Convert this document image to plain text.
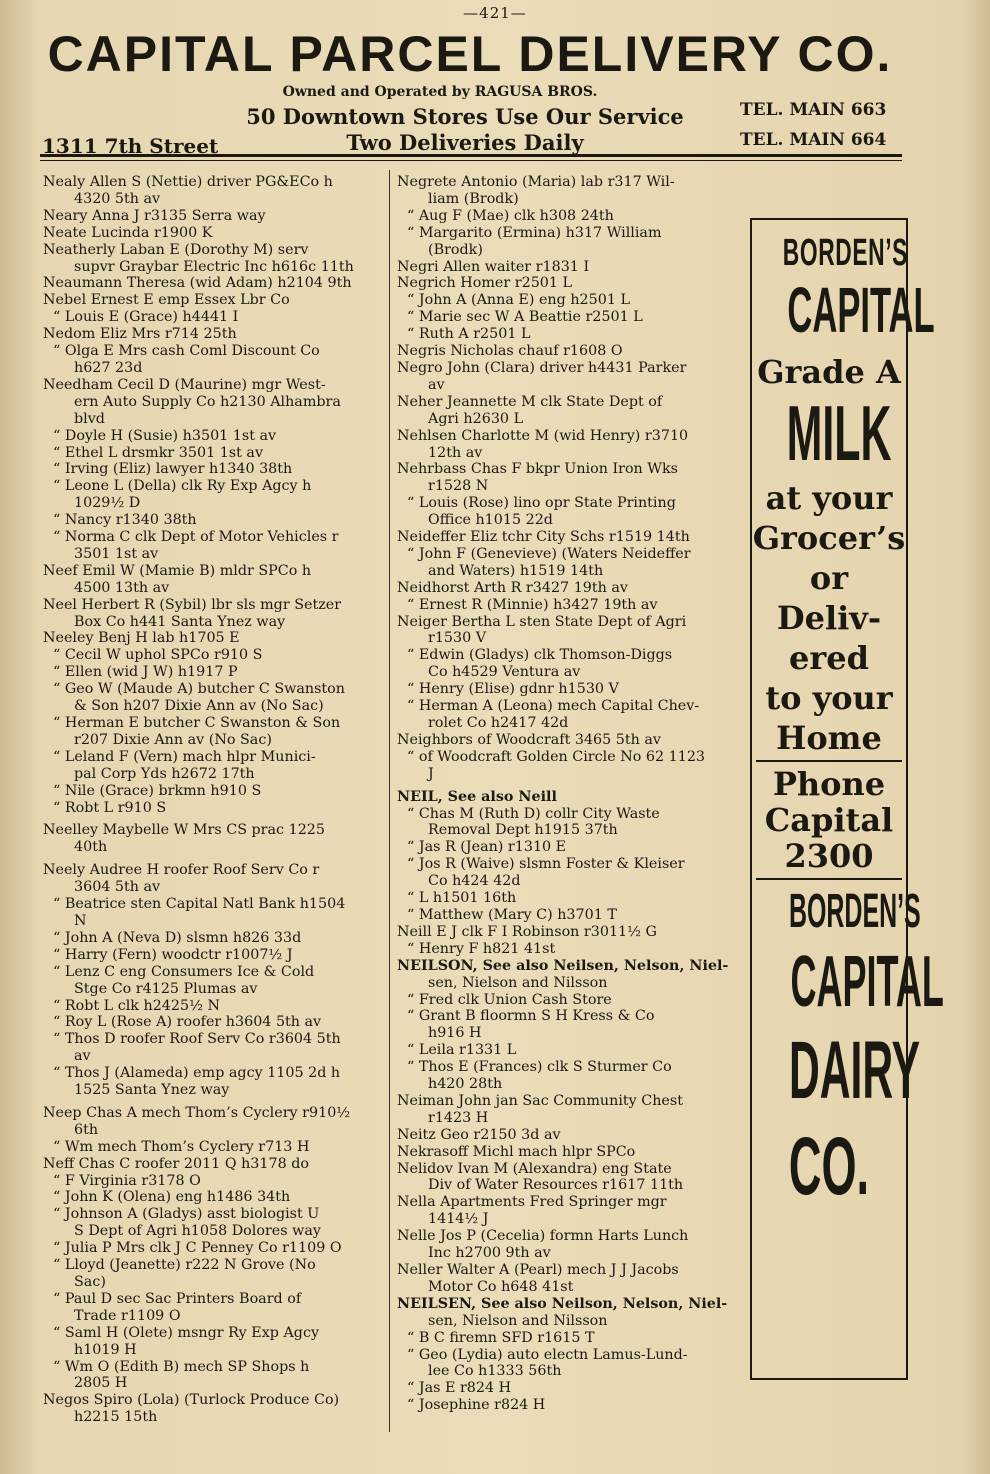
—421—
CAPITAL PARCEL DELIVERY CO.
Owned and Operated by RAGUSA BROS.
50 Downtown Stores Use Our Service
Two Deliveries Daily
TEL. MAIN 663
TEL. MAIN 664
1311 7th Street
Nealy Allen S (Nettie) driver PG&ECo h
4320 5th av
Neary Anna J r3135 Serra way
Neate Lucinda r1900 K
Neatherly Laban E (Dorothy M) serv
supvr Graybar Electric Inc h616c 11th
Neaumann Theresa (wid Adam) h2104 9th
Nebel Ernest E emp Essex Lbr Co
“ Louis E (Grace) h4441 I
Nedom Eliz Mrs r714 25th
“ Olga E Mrs cash Coml Discount Co
h627 23d
Needham Cecil D (Maurine) mgr West-
ern Auto Supply Co h2130 Alhambra
blvd
“ Doyle H (Susie) h3501 1st av
“ Ethel L drsmkr 3501 1st av
“ Irving (Eliz) lawyer h1340 38th
“ Leone L (Della) clk Ry Exp Agcy h
1029½ D
“ Nancy r1340 38th
“ Norma C clk Dept of Motor Vehicles r
3501 1st av
Neef Emil W (Mamie B) mldr SPCo h
4500 13th av
Neel Herbert R (Sybil) lbr sls mgr Setzer
Box Co h441 Santa Ynez way
Neeley Benj H lab h1705 E
“ Cecil W uphol SPCo r910 S
“ Ellen (wid J W) h1917 P
“ Geo W (Maude A) butcher C Swanston
& Son h207 Dixie Ann av (No Sac)
“ Herman E butcher C Swanston & Son
r207 Dixie Ann av (No Sac)
“ Leland F (Vern) mach hlpr Munici-
pal Corp Yds h2672 17th
“ Nile (Grace) brkmn h910 S
“ Robt L r910 S
Neelley Maybelle W Mrs CS prac 1225
40th
Neely Audree H roofer Roof Serv Co r
3604 5th av
“ Beatrice sten Capital Natl Bank h1504
N
“ John A (Neva D) slsmn h826 33d
“ Harry (Fern) woodctr r1007½ J
“ Lenz C eng Consumers Ice & Cold
Stge Co r4125 Plumas av
“ Robt L clk h2425½ N
“ Roy L (Rose A) roofer h3604 5th av
“ Thos D roofer Roof Serv Co r3604 5th
av
“ Thos J (Alameda) emp agcy 1105 2d h
1525 Santa Ynez way
Neep Chas A mech Thom’s Cyclery r910½
6th
“ Wm mech Thom’s Cyclery r713 H
Neff Chas C roofer 2011 Q h3178 do
“ F Virginia r3178 O
“ John K (Olena) eng h1486 34th
“ Johnson A (Gladys) asst biologist U
S Dept of Agri h1058 Dolores way
“ Julia P Mrs clk J C Penney Co r1109 O
“ Lloyd (Jeanette) r222 N Grove (No
Sac)
“ Paul D sec Sac Printers Board of
Trade r1109 O
“ Saml H (Olete) msngr Ry Exp Agcy
h1019 H
“ Wm O (Edith B) mech SP Shops h
2805 H
Negos Spiro (Lola) (Turlock Produce Co)
h2215 15th
Negrete Antonio (Maria) lab r317 Wil-
liam (Brodk)
“ Aug F (Mae) clk h308 24th
“ Margarito (Ermina) h317 William
(Brodk)
Negri Allen waiter r1831 I
Negrich Homer r2501 L
“ John A (Anna E) eng h2501 L
“ Marie sec W A Beattie r2501 L
“ Ruth A r2501 L
Negris Nicholas chauf r1608 O
Negro John (Clara) driver h4431 Parker
av
Neher Jeannette M clk State Dept of
Agri h2630 L
Nehlsen Charlotte M (wid Henry) r3710
12th av
Nehrbass Chas F bkpr Union Iron Wks
r1528 N
“ Louis (Rose) lino opr State Printing
Office h1015 22d
Neideffer Eliz tchr City Schs r1519 14th
“ John F (Genevieve) (Waters Neideffer
and Waters) h1519 14th
Neidhorst Arth R r3427 19th av
“ Ernest R (Minnie) h3427 19th av
Neiger Bertha L sten State Dept of Agri
r1530 V
“ Edwin (Gladys) clk Thomson-Diggs
Co h4529 Ventura av
“ Henry (Elise) gdnr h1530 V
“ Herman A (Leona) mech Capital Chev-
rolet Co h2417 42d
Neighbors of Woodcraft 3465 5th av
“ of Woodcraft Golden Circle No 62 1123
J
NEIL, See also Neill
“ Chas M (Ruth D) collr City Waste
Removal Dept h1915 37th
“ Jas R (Jean) r1310 E
“ Jos R (Waive) slsmn Foster & Kleiser
Co h424 42d
“ L h1501 16th
“ Matthew (Mary C) h3701 T
Neill E J clk F I Robinson r3011½ G
“ Henry F h821 41st
NEILSON, See also Neilsen, Nelson, Niel-
sen, Nielson and Nilsson
“ Fred clk Union Cash Store
“ Grant B floormn S H Kress & Co
h916 H
“ Leila r1331 L
“ Thos E (Frances) clk S Sturmer Co
h420 28th
Neiman John jan Sac Community Chest
r1423 H
Neitz Geo r2150 3d av
Nekrasoff Michl mach hlpr SPCo
Nelidov Ivan M (Alexandra) eng State
Div of Water Resources r1617 11th
Nella Apartments Fred Springer mgr
1414½ J
Nelle Jos P (Cecelia) formn Harts Lunch
Inc h2700 9th av
Neller Walter A (Pearl) mech J J Jacobs
Motor Co h648 41st
NEILSEN, See also Neilson, Nelson, Niel-
sen, Nielson and Nilsson
“ B C firemn SFD r1615 T
“ Geo (Lydia) auto electn Lamus-Lund-
lee Co h1333 56th
“ Jas E r824 H
“ Josephine r824 H
BORDEN’S
CAPITAL
Grade A
MILK
at your
Grocer’s
or
Deliv-
ered
to your
Home
Phone
Capital
2300
BORDEN’S
CAPITAL
DAIRY
CO.
